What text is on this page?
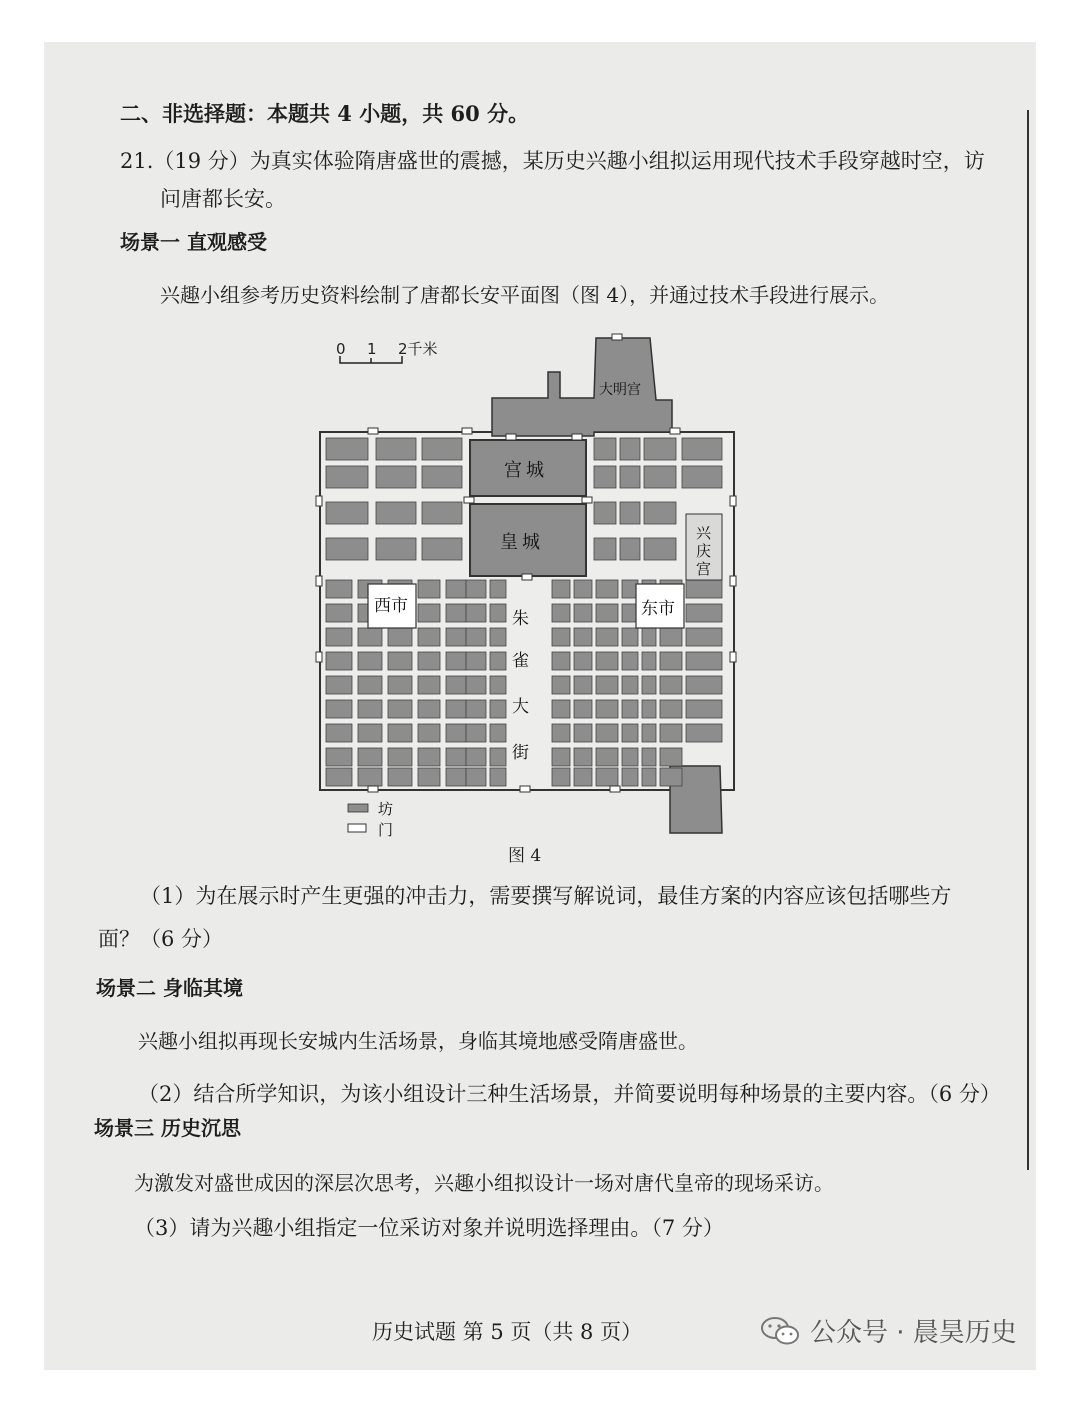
二、非选择题：本题共 4 小题，共 60 分。
21.（19 分）为真实体验隋唐盛世的震撼，某历史兴趣小组拟运用现代技术手段穿越时空，访
问唐都长安。
场景一 直观感受
兴趣小组参考历史资料绘制了唐都长安平面图（图 4），并通过技术手段进行展示。
0 1 2千米
大明宫
宫城
皇城	兴
庆
宫
西市	东市
朱
雀
大
街
坊
门
图 4
（1）为在展示时产生更强的冲击力，需要撰写解说词，最佳方案的内容应该包括哪些方
面？（6 分）
场景二 身临其境
兴趣小组拟再现长安城内生活场景，身临其境地感受隋唐盛世。
（2）结合所学知识，为该小组设计三种生活场景，并简要说明每种场景的主要内容。（6 分）
场景三 历史沉思
为激发对盛世成因的深层次思考，兴趣小组拟设计一场对唐代皇帝的现场采访。
（3）请为兴趣小组指定一位采访对象并说明选择理由。（7 分）
历史试题 第 5 页（共 8 页）	公众号 · 晨昊历史
